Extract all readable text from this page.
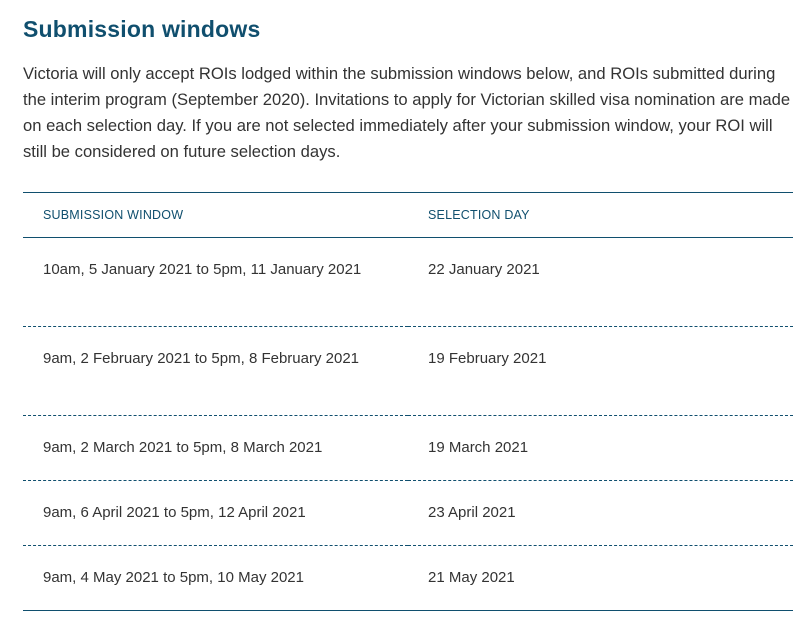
Submission windows

Victoria will only accept ROIs lodged within the submission windows below, and ROIs submitted during the interim program (September 2020). Invitations to apply for Victorian skilled visa nomination are made on each selection day. If you are not selected immediately after your submission window, your ROI will still be considered on future selection days.

SUBMISSION WINDOW	SELECTION DAY
10am, 5 January 2021 to 5pm, 11 January 2021	22 January 2021
9am, 2 February 2021 to 5pm, 8 February 2021	19 February 2021
9am, 2 March 2021 to 5pm, 8 March 2021	19 March 2021
9am, 6 April 2021 to 5pm, 12 April 2021	23 April 2021
9am, 4 May 2021 to 5pm, 10 May 2021	21 May 2021
